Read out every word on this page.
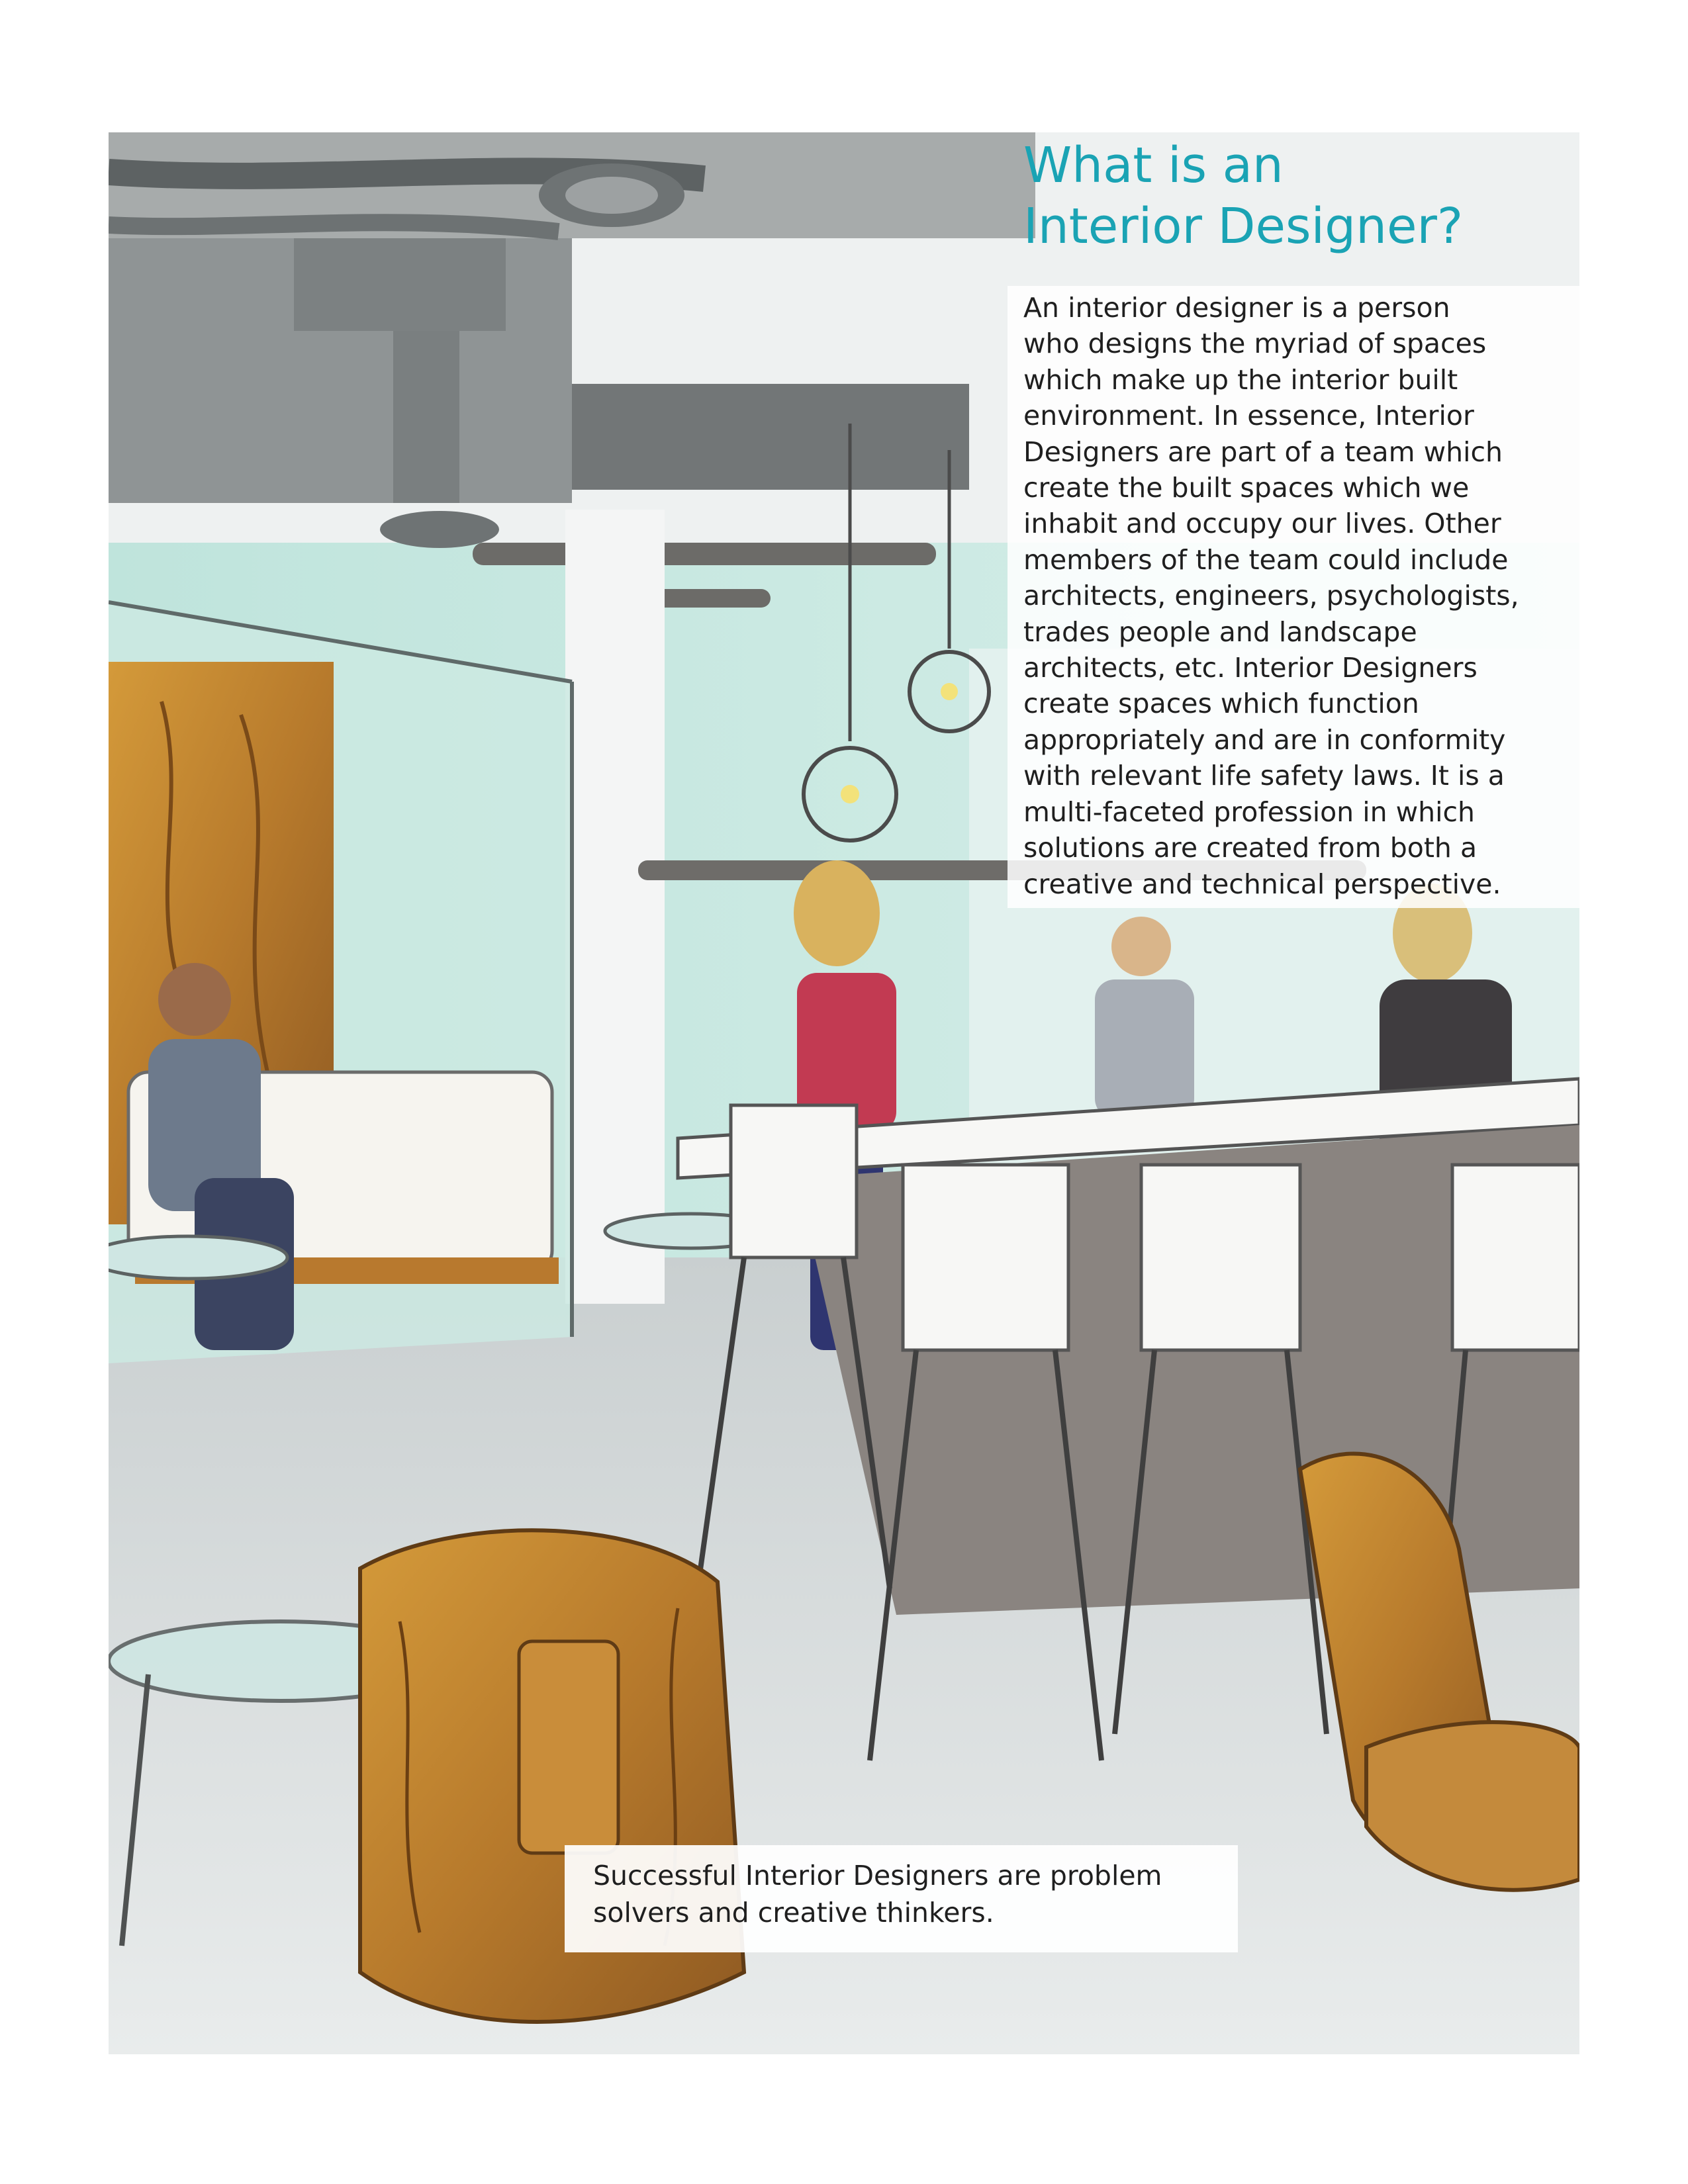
What is an
Interior Designer?

An interior designer is a person
who designs the myriad of spaces
which make up the interior built
environment. In essence, Interior
Designers are part of a team which
create the built spaces which we
inhabit and occupy our lives. Other
members of the team could include
architects, engineers, psychologists,
trades people and landscape
architects, etc. Interior Designers
create spaces which function
appropriately and are in conformity
with relevant life safety laws. It is a
multi-faceted profession in which
solutions are created from both a
creative and technical perspective.

Successful Interior Designers are problem
solvers and creative thinkers.
